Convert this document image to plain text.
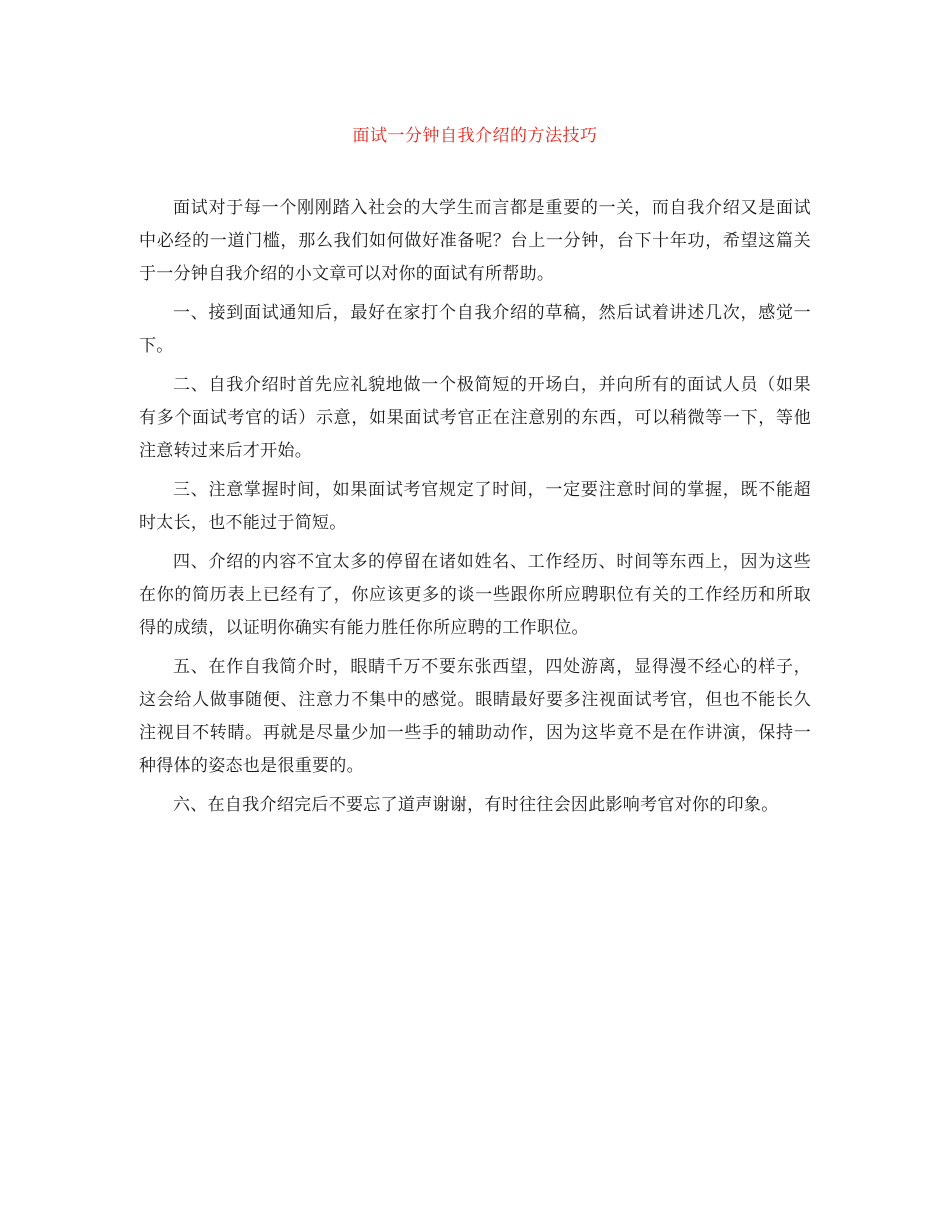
面试一分钟自我介绍的方法技巧

面试对于每一个刚刚踏入社会的大学生而言都是重要的一关，而自我介绍又是面试中必经的一道门槛，那么我们如何做好准备呢？台上一分钟，台下十年功，希望这篇关于一分钟自我介绍的小文章可以对你的面试有所帮助。

一、接到面试通知后，最好在家打个自我介绍的草稿，然后试着讲述几次，感觉一下。

二、自我介绍时首先应礼貌地做一个极简短的开场白，并向所有的面试人员（如果有多个面试考官的话）示意，如果面试考官正在注意别的东西，可以稍微等一下，等他注意转过来后才开始。

三、注意掌握时间，如果面试考官规定了时间，一定要注意时间的掌握，既不能超时太长，也不能过于简短。

四、介绍的内容不宜太多的停留在诸如姓名、工作经历、时间等东西上，因为这些在你的简历表上已经有了，你应该更多的谈一些跟你所应聘职位有关的工作经历和所取得的成绩，以证明你确实有能力胜任你所应聘的工作职位。

五、在作自我简介时，眼睛千万不要东张西望，四处游离，显得漫不经心的样子，这会给人做事随便、注意力不集中的感觉。眼睛最好要多注视面试考官，但也不能长久注视目不转睛。再就是尽量少加一些手的辅助动作，因为这毕竟不是在作讲演，保持一种得体的姿态也是很重要的。

六、在自我介绍完后不要忘了道声谢谢，有时往往会因此影响考官对你的印象。
